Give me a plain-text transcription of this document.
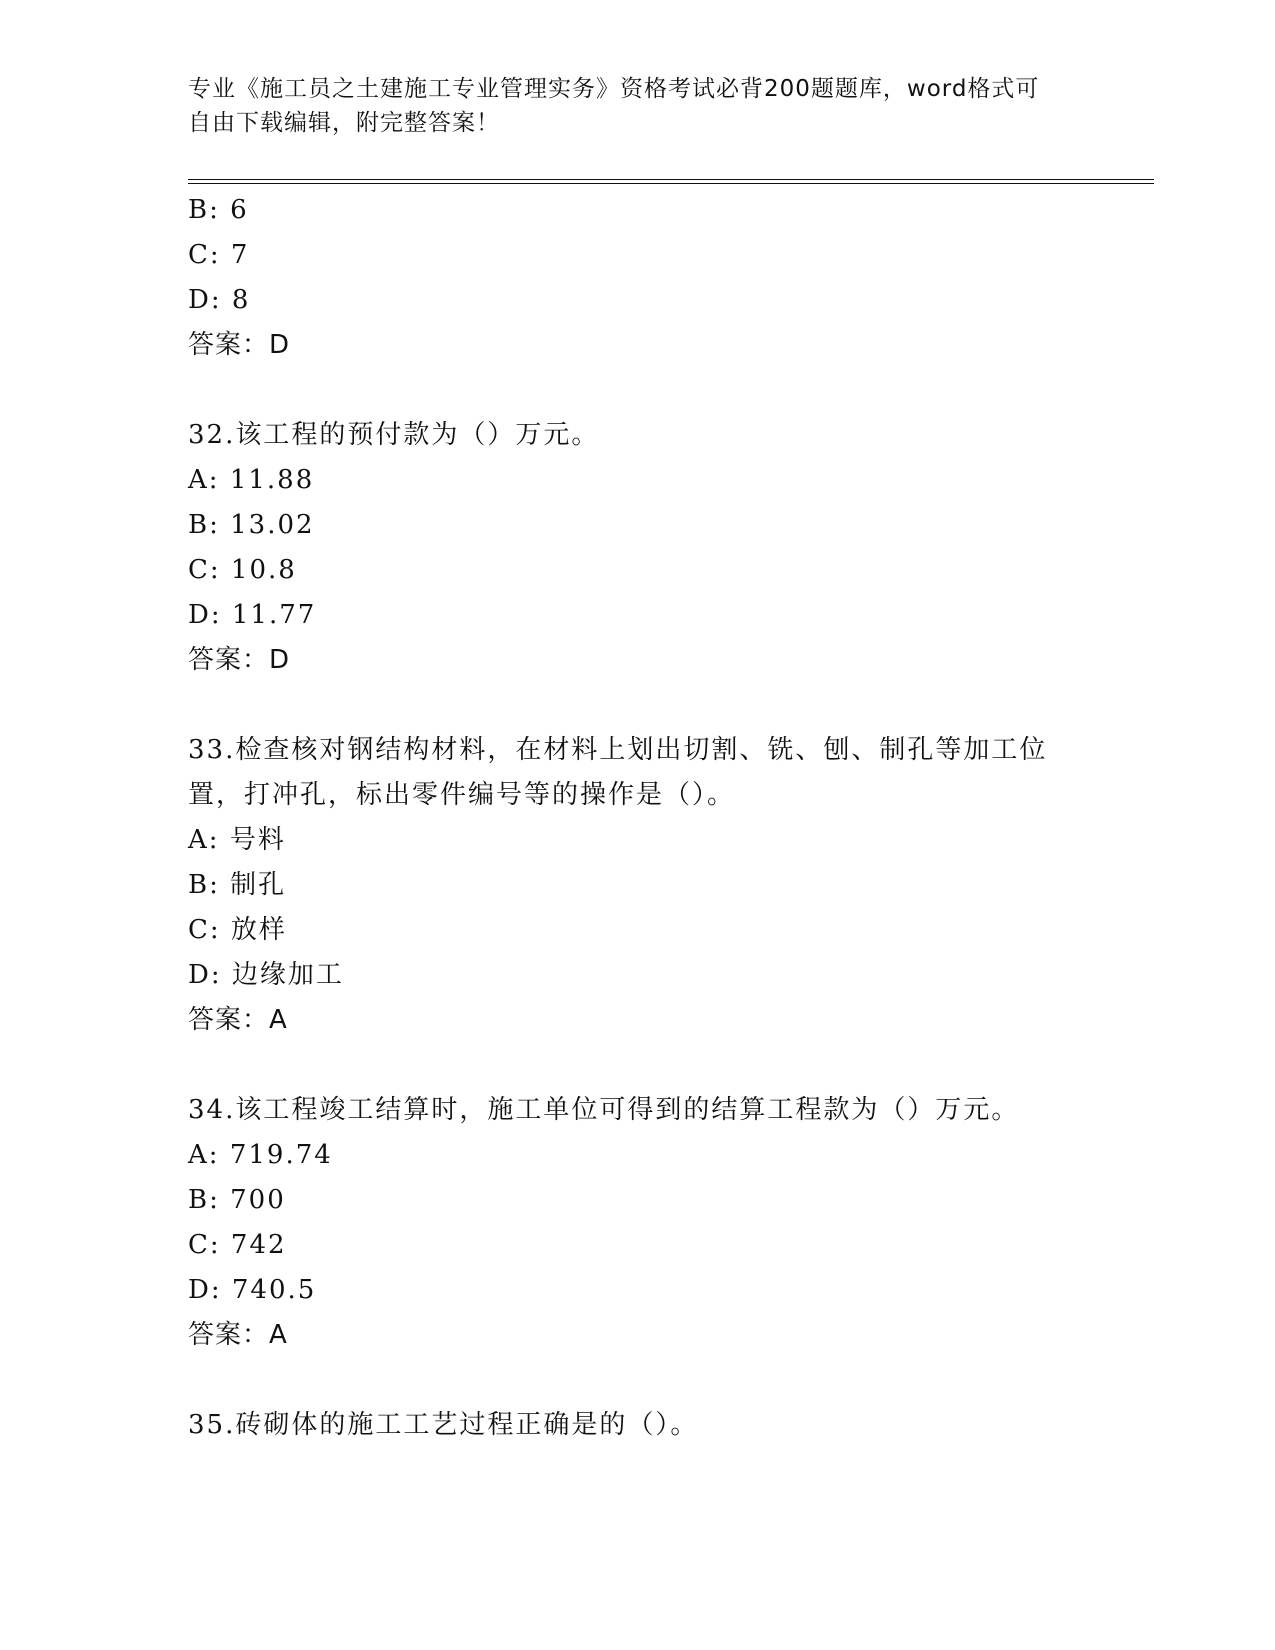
专业《施工员之土建施工专业管理实务》资格考试必背200题题库，word格式可
自由下载编辑，附完整答案！
B: 6
C: 7
D: 8
答案：D
32.该工程的预付款为（）万元。
A: 11.88
B: 13.02
C: 10.8
D: 11.77
答案：D
33.检查核对钢结构材料，在材料上划出切割、铣、刨、制孔等加工位
置，打冲孔，标出零件编号等的操作是（）。
A: 号料
B: 制孔
C: 放样
D: 边缘加工
答案：A
34.该工程竣工结算时，施工单位可得到的结算工程款为（）万元。
A: 719.74
B: 700
C: 742
D: 740.5
答案：A
35.砖砌体的施工工艺过程正确是的（）。
